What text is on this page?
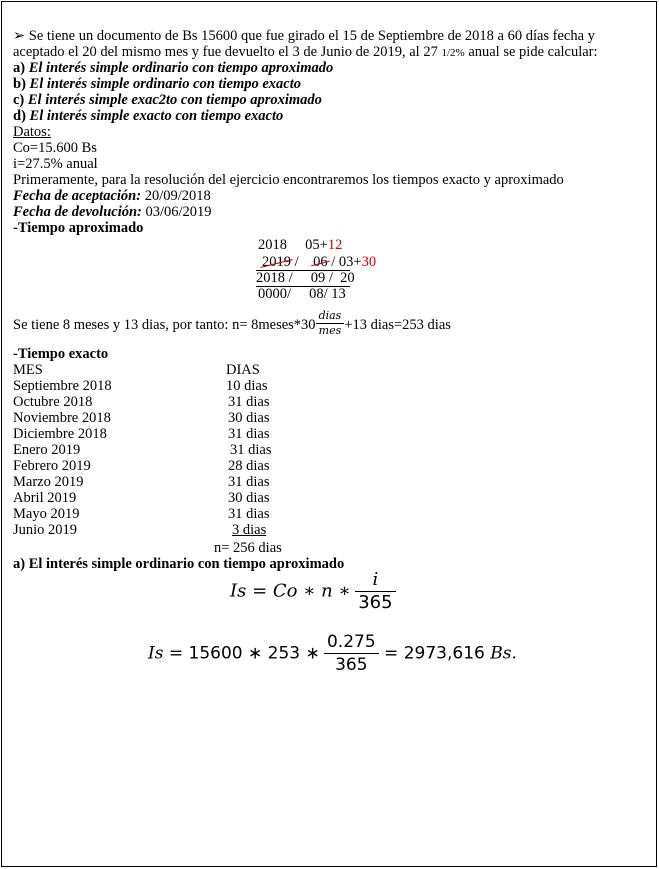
➢ Se tiene un documento de Bs 15600 que fue girado el 15 de Septiembre de 2018 a 60 días fecha y
aceptado el 20 del mismo mes y fue devuelto el 3 de Junio de 2019, al 27 1/2% anual se pide calcular:
a) El interés simple ordinario con tiempo aproximado
b) El interés simple ordinario con tiempo exacto
c) El interés simple exac2to con tiempo aproximado
d) El interés simple exacto con tiempo exacto
Datos:
Co=15.600 Bs
i=27.5% anual
Primeramente, para la resolución del ejercicio encontraremos los tiempos exacto y aproximado
Fecha de aceptación: 20/09/2018
Fecha de devolución: 03/06/2019
-Tiempo aproximado
2018 05+12
2019 /    06 / 03+30
2018 /     09 /  20
0000/     08/ 13
Se tiene 8 meses y 13 dias, por tanto: n= 8meses*30 $\frac{\text{dias}}{\text{mes}} +13$ dias=253 dias
-Tiempo exacto
MES	DIAS
Septiembre 2018	10 dias
Octubre 2018	31 dias
Noviembre 2018	30 dias
Diciembre 2018	31 dias
Enero 2019	31 dias
Febrero 2019	28 dias
Marzo 2019	31 dias
Abril 2019	30 dias
Mayo 2019	31 dias
Junio 2019	3 dias
n= 256 dias
a) El interés simple ordinario con tiempo aproximado
Is = Co ∗ n ∗ $\frac{i}{365}$
Is = 15600 ∗ 253 ∗ $\frac{0.275}{365} = 2973,616$ Bs.
